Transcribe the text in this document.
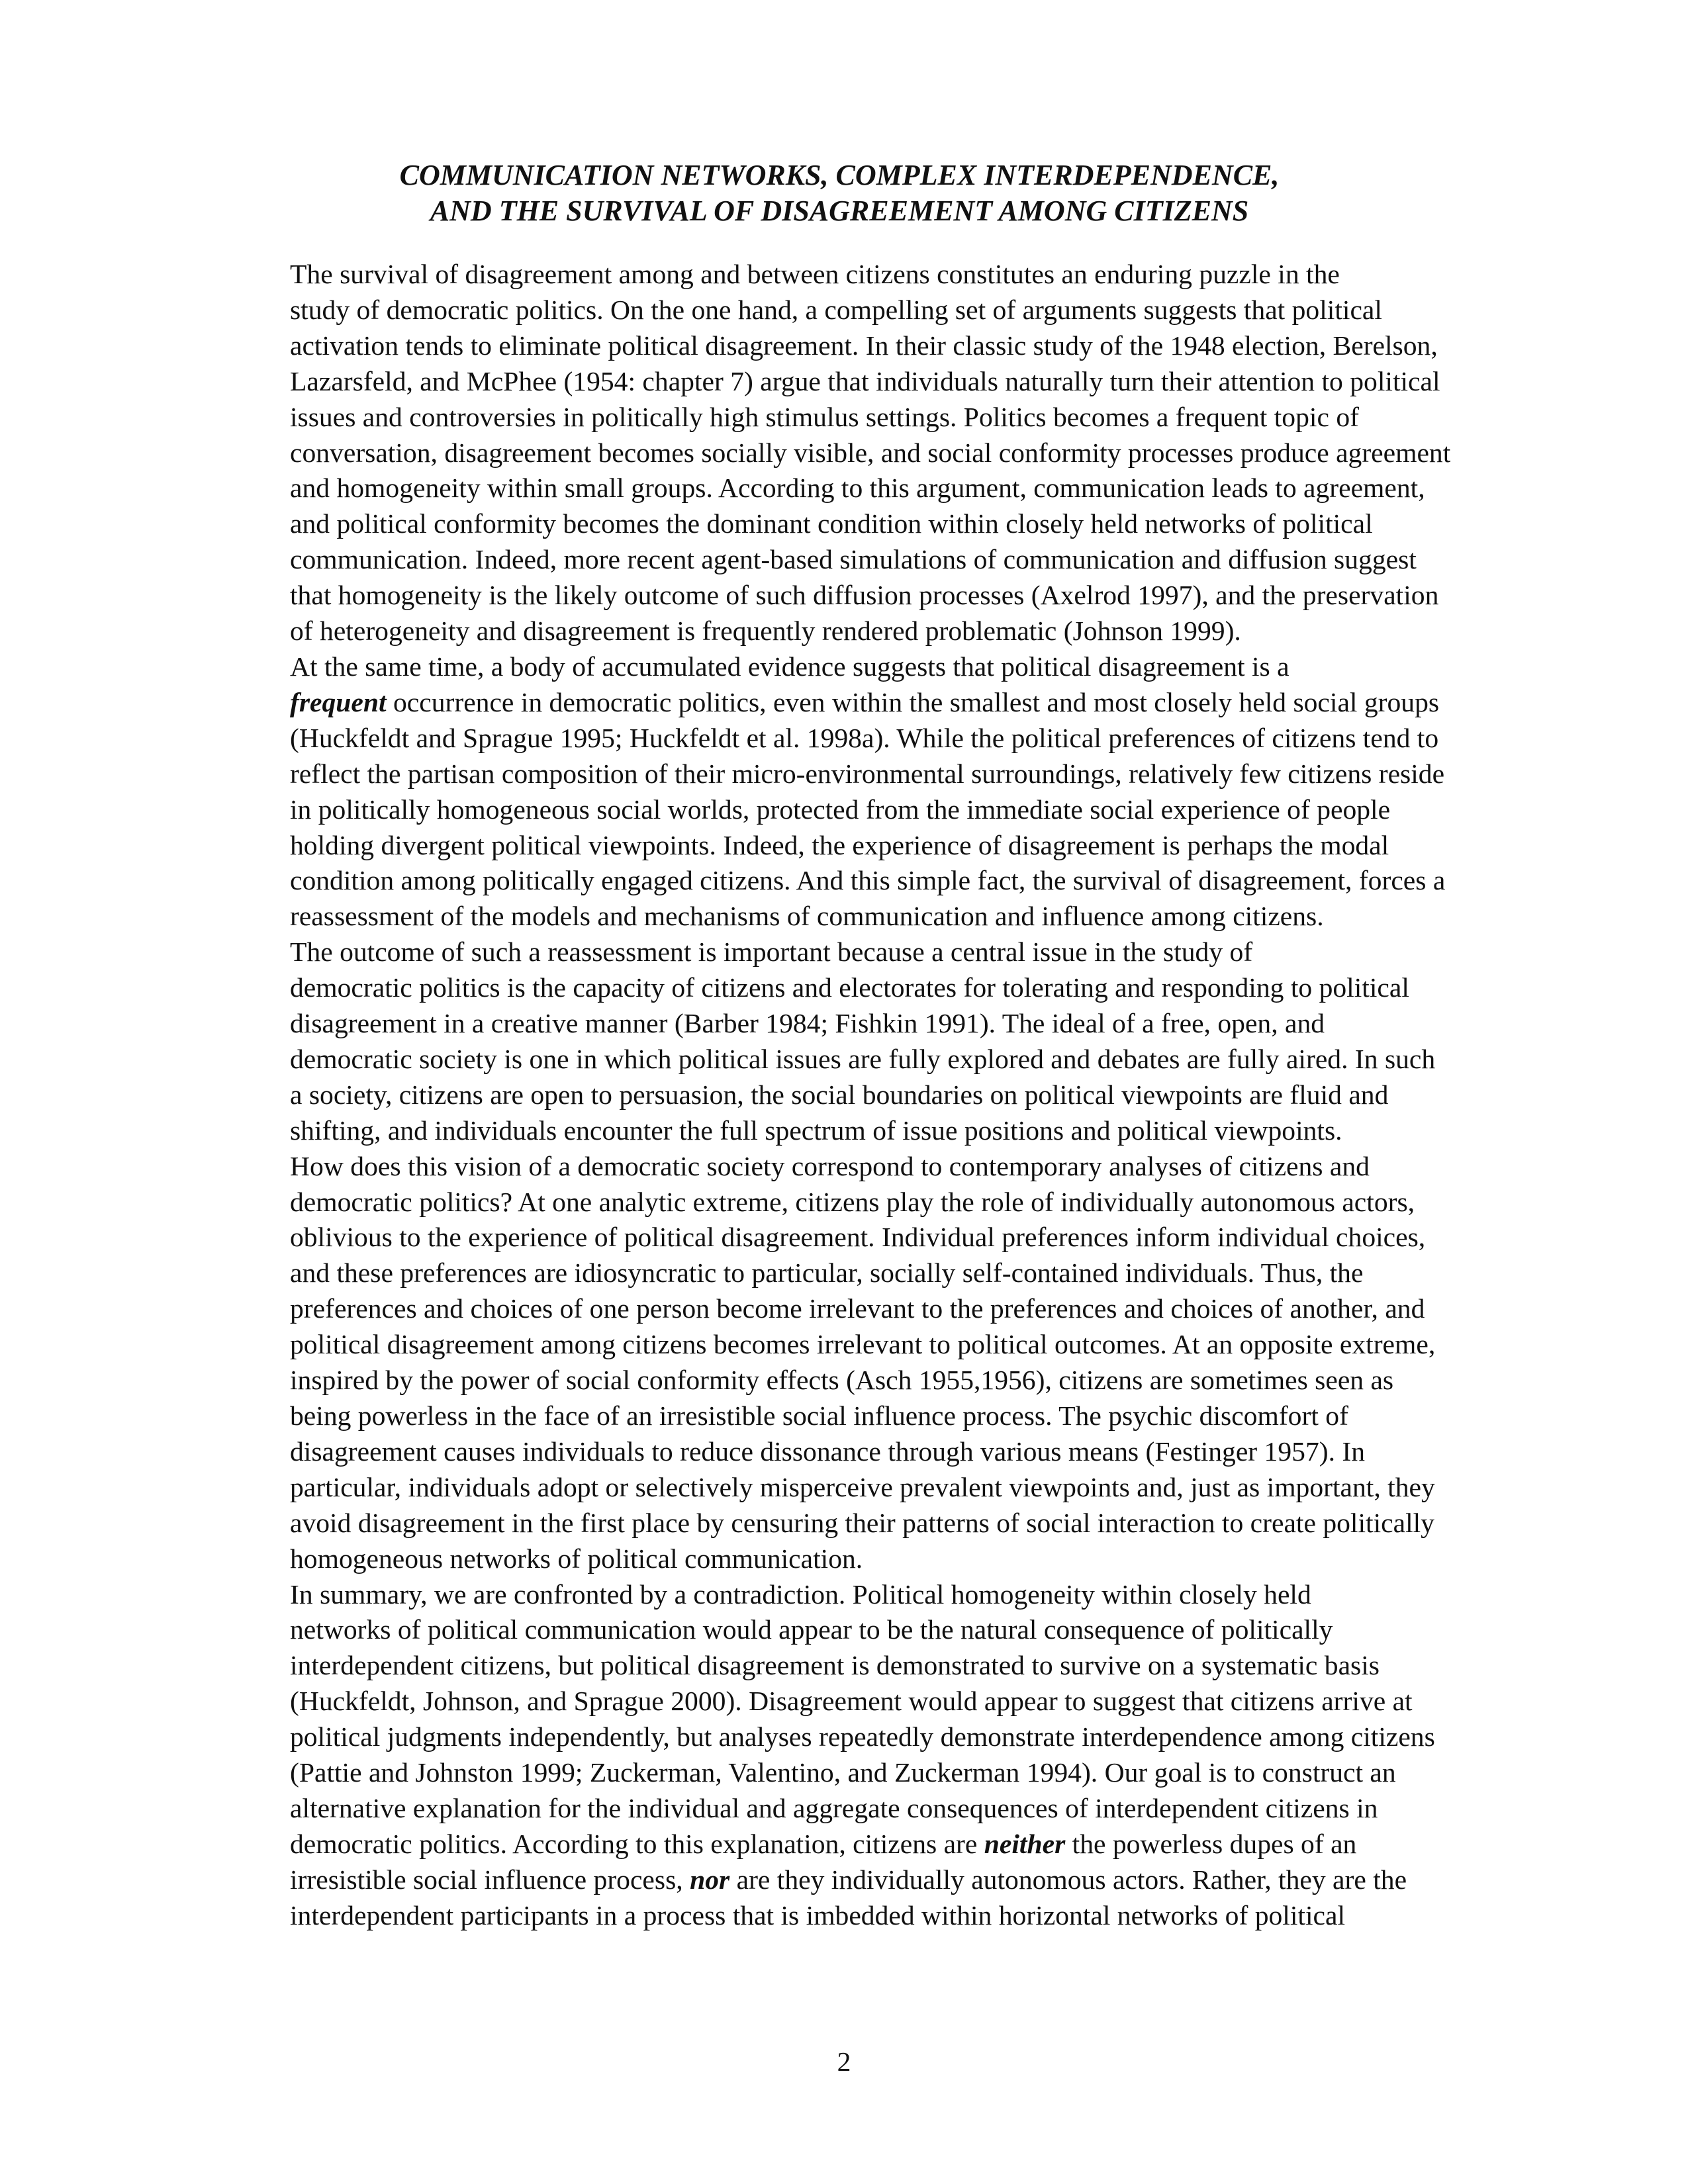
COMMUNICATION NETWORKS, COMPLEX INTERDEPENDENCE,
AND THE SURVIVAL OF DISAGREEMENT AMONG CITIZENS

The survival of disagreement among and between citizens constitutes an enduring puzzle in the
study of democratic politics. On the one hand, a compelling set of arguments suggests that political
activation tends to eliminate political disagreement. In their classic study of the 1948 election, Berelson,
Lazarsfeld, and McPhee (1954: chapter 7) argue that individuals naturally turn their attention to political
issues and controversies in politically high stimulus settings. Politics becomes a frequent topic of
conversation, disagreement becomes socially visible, and social conformity processes produce agreement
and homogeneity within small groups. According to this argument, communication leads to agreement,
and political conformity becomes the dominant condition within closely held networks of political
communication. Indeed, more recent agent-based simulations of communication and diffusion suggest
that homogeneity is the likely outcome of such diffusion processes (Axelrod 1997), and the preservation
of heterogeneity and disagreement is frequently rendered problematic (Johnson 1999).

At the same time, a body of accumulated evidence suggests that political disagreement is a
frequent occurrence in democratic politics, even within the smallest and most closely held social groups
(Huckfeldt and Sprague 1995; Huckfeldt et al. 1998a). While the political preferences of citizens tend to
reflect the partisan composition of their micro-environmental surroundings, relatively few citizens reside
in politically homogeneous social worlds, protected from the immediate social experience of people
holding divergent political viewpoints. Indeed, the experience of disagreement is perhaps the modal
condition among politically engaged citizens. And this simple fact, the survival of disagreement, forces a
reassessment of the models and mechanisms of communication and influence among citizens.

The outcome of such a reassessment is important because a central issue in the study of
democratic politics is the capacity of citizens and electorates for tolerating and responding to political
disagreement in a creative manner (Barber 1984; Fishkin 1991). The ideal of a free, open, and
democratic society is one in which political issues are fully explored and debates are fully aired. In such
a society, citizens are open to persuasion, the social boundaries on political viewpoints are fluid and
shifting, and individuals encounter the full spectrum of issue positions and political viewpoints.

How does this vision of a democratic society correspond to contemporary analyses of citizens and
democratic politics? At one analytic extreme, citizens play the role of individually autonomous actors,
oblivious to the experience of political disagreement. Individual preferences inform individual choices,
and these preferences are idiosyncratic to particular, socially self-contained individuals. Thus, the
preferences and choices of one person become irrelevant to the preferences and choices of another, and
political disagreement among citizens becomes irrelevant to political outcomes. At an opposite extreme,
inspired by the power of social conformity effects (Asch 1955,1956), citizens are sometimes seen as
being powerless in the face of an irresistible social influence process. The psychic discomfort of
disagreement causes individuals to reduce dissonance through various means (Festinger 1957). In
particular, individuals adopt or selectively misperceive prevalent viewpoints and, just as important, they
avoid disagreement in the first place by censuring their patterns of social interaction to create politically
homogeneous networks of political communication.

In summary, we are confronted by a contradiction. Political homogeneity within closely held
networks of political communication would appear to be the natural consequence of politically
interdependent citizens, but political disagreement is demonstrated to survive on a systematic basis
(Huckfeldt, Johnson, and Sprague 2000). Disagreement would appear to suggest that citizens arrive at
political judgments independently, but analyses repeatedly demonstrate interdependence among citizens
(Pattie and Johnston 1999; Zuckerman, Valentino, and Zuckerman 1994). Our goal is to construct an
alternative explanation for the individual and aggregate consequences of interdependent citizens in
democratic politics. According to this explanation, citizens are neither the powerless dupes of an
irresistible social influence process, nor are they individually autonomous actors. Rather, they are the
interdependent participants in a process that is imbedded within horizontal networks of political

2
